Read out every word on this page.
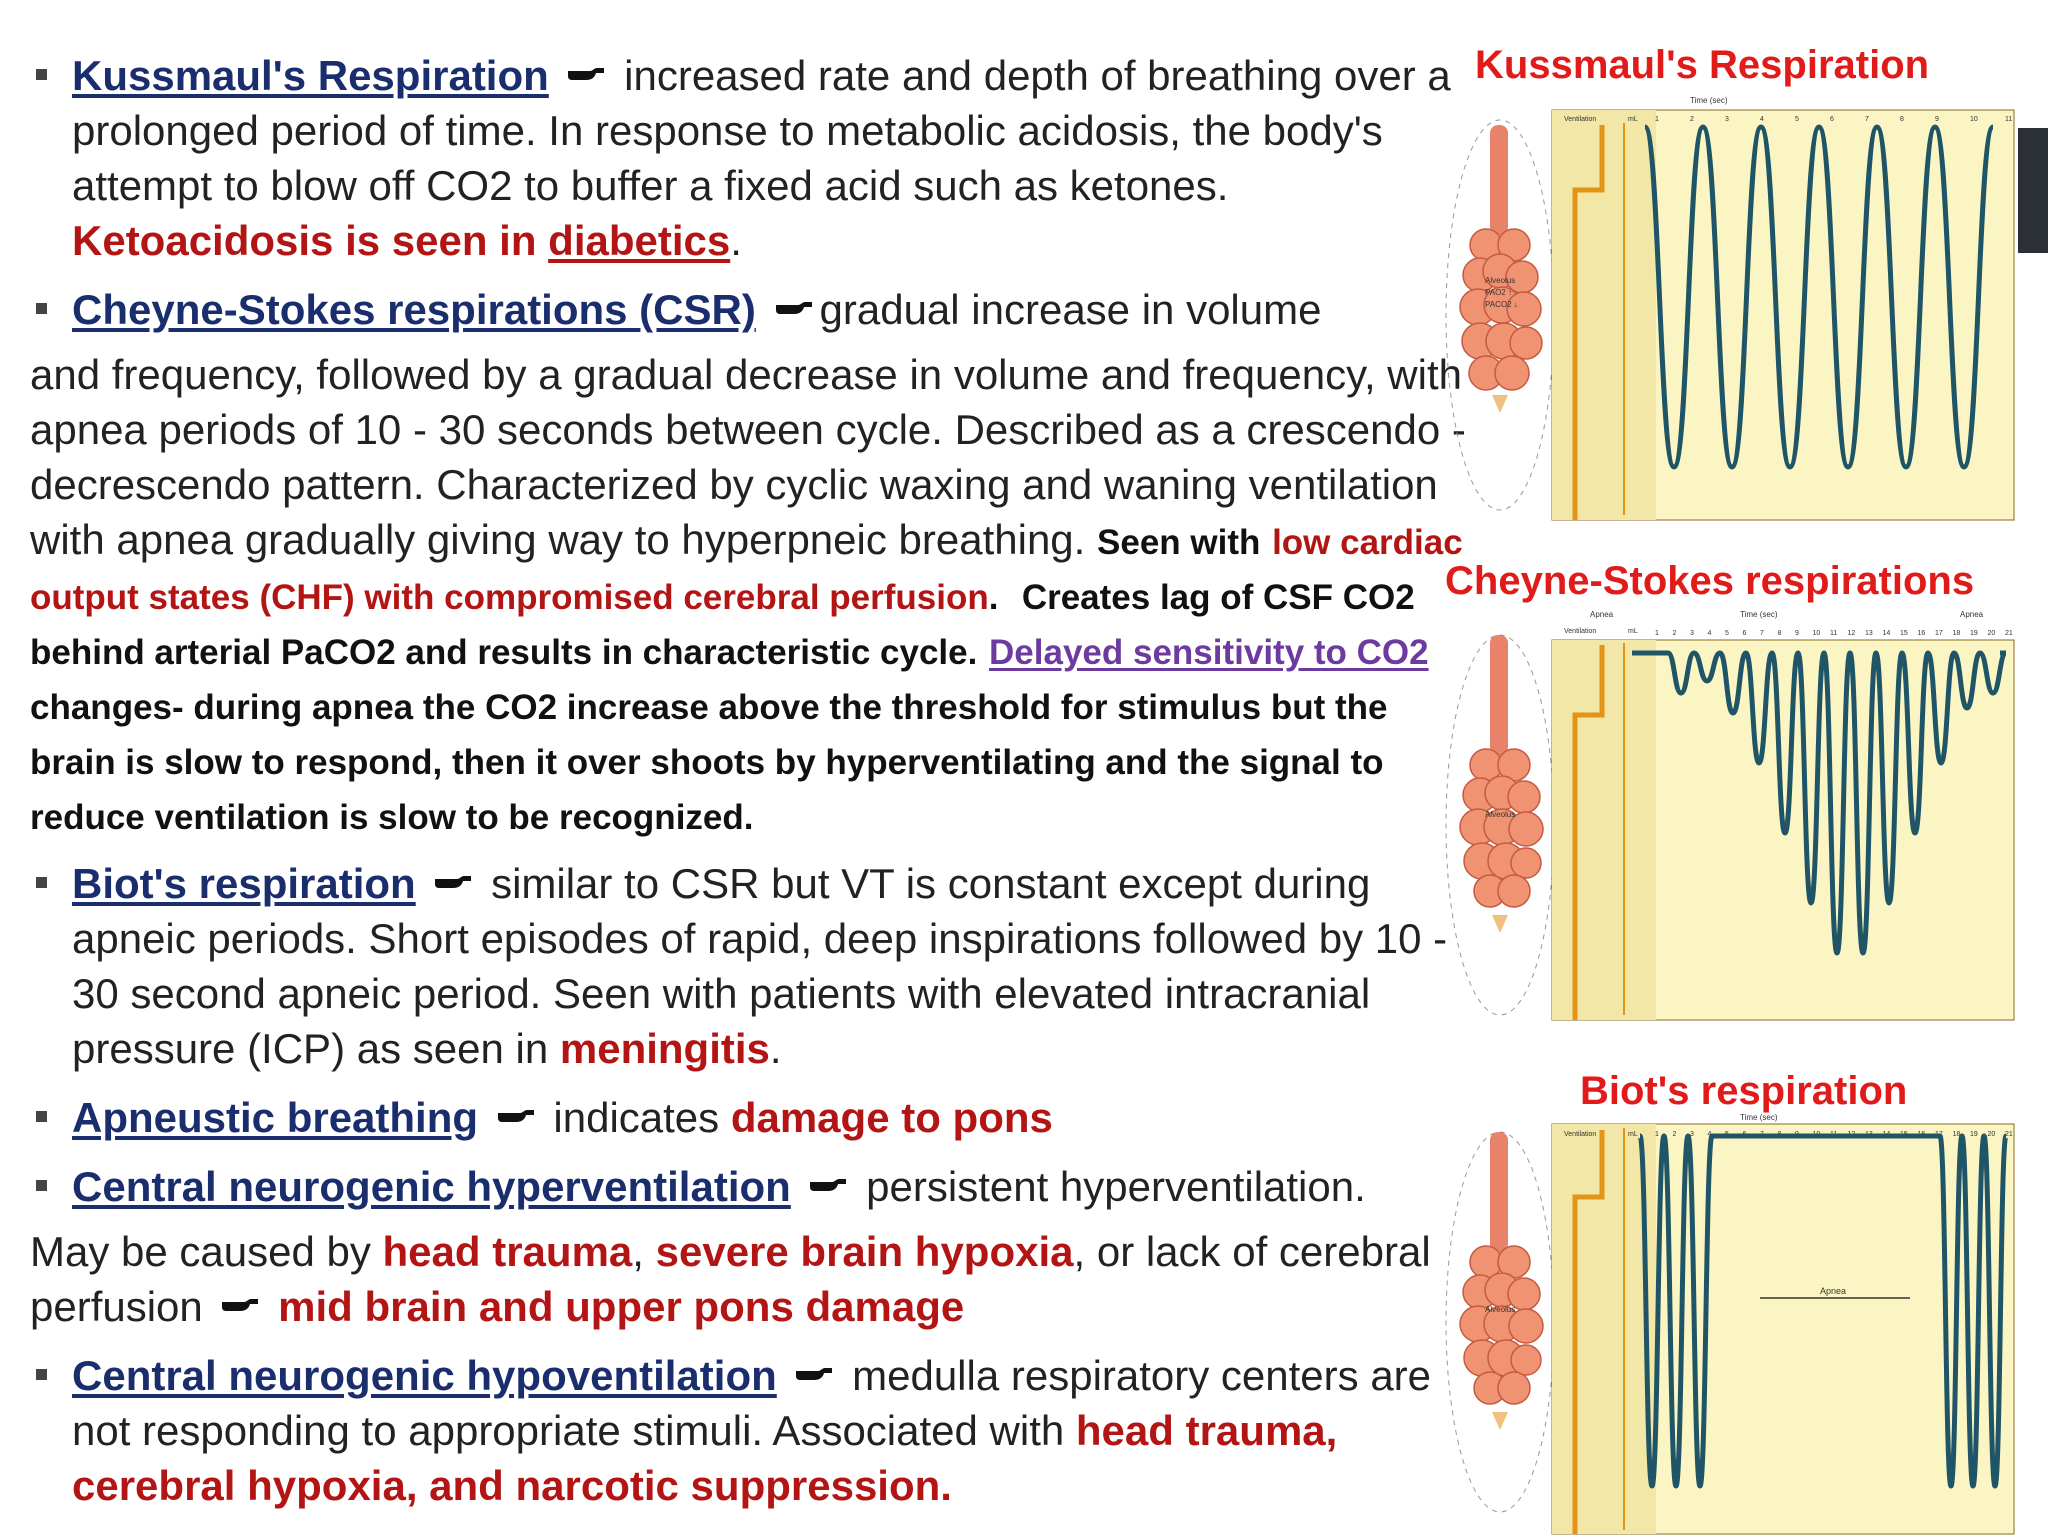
Kussmaul's Respiration increased rate and depth of breathing over a prolonged period of time. In response to metabolic acidosis, the body's attempt to blow off CO2 to buffer a fixed acid such as ketones. Ketoacidosis is seen in diabetics.
Cheyne-Stokes respirations (CSR) gradual increase in volume
and frequency, followed by a gradual decrease in volume and frequency, with apnea periods of 10 - 30 seconds between cycle. Described as a crescendo - decrescendo pattern. Characterized by cyclic waxing and waning ventilation with apnea gradually giving way to hyperpneic breathing. Seen with low cardiac output states (CHF) with compromised cerebral perfusion. Creates lag of CSF CO2 behind arterial PaCO2 and results in characteristic cycle. Delayed sensitivity to CO2 changes- during apnea the CO2 increase above the threshold for stimulus but the brain is slow to respond, then it over shoots by hyperventilating and the signal to reduce ventilation is slow to be recognized.
Biot's respiration similar to CSR but VT is constant except during apneic periods. Short episodes of rapid, deep inspirations followed by 10 - 30 second apneic period. Seen with patients with elevated intracranial pressure (ICP) as seen in meningitis.
Apneustic breathing indicates damage to pons
Central neurogenic hyperventilation persistent hyperventilation.
May be caused by head trauma, severe brain hypoxia, or lack of cerebral perfusion mid brain and upper pons damage
Central neurogenic hypoventilation medulla respiratory centers are not responding to appropriate stimuli. Associated with head trauma, cerebral hypoxia, and narcotic suppression.
Kussmaul's Respiration
Cheyne-Stokes respirations
Biot's respiration
Alveolus
PAO2 ↑
PACO2 ↓
Time (sec)
Ventilation	mL 1	2	3	4	5	6	7	8	9	10	11
Alveolus
Apnea	Time (sec)	Apnea
Ventilation	mL 1 2 3 4 5 6 7 8 9 10 11 12 13 14 15 16 17 18 19 20 21
Alveolus
Time (sec)
Ventilation	mL 1 2 3 4 5 6 7 8 9 10 11 12 13 14 15 16 17 18 19 20 21
Apnea
